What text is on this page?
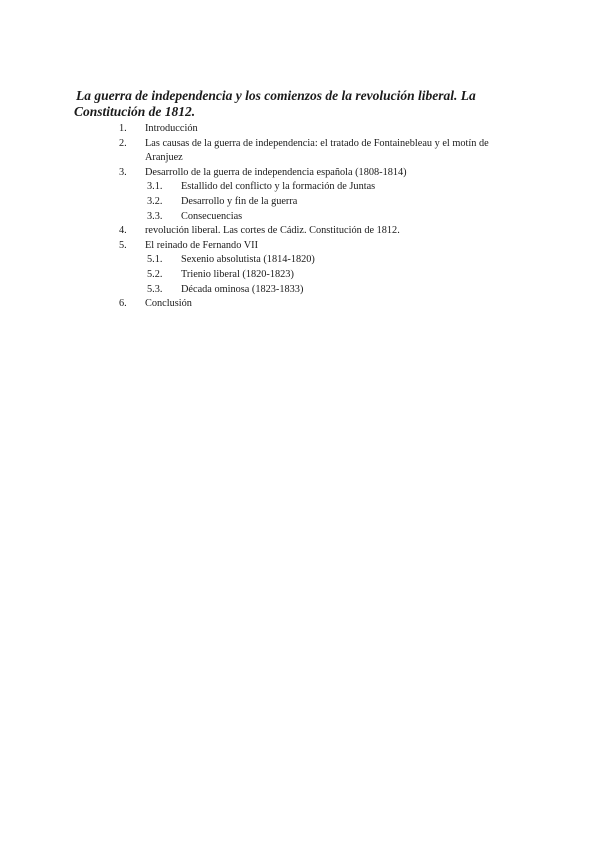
La guerra de independencia y los comienzos de la revolución liberal. La Constitución de 1812.

1.	Introducción
2.	Las causas de la guerra de independencia: el tratado de Fontainebleau y el motín de Aranjuez
3.	Desarrollo de la guerra de independencia española (1808-1814)
3.1.	Estallido del conflicto y la formación de Juntas
3.2.	Desarrollo y fin de la guerra
3.3.	Consecuencias
4.	revolución liberal. Las cortes de Cádiz. Constitución de 1812.
5.	El reinado de Fernando VII
5.1.	Sexenio absolutista (1814-1820)
5.2.	Trienio liberal (1820-1823)
5.3.	Década ominosa (1823-1833)
6.	Conclusión
